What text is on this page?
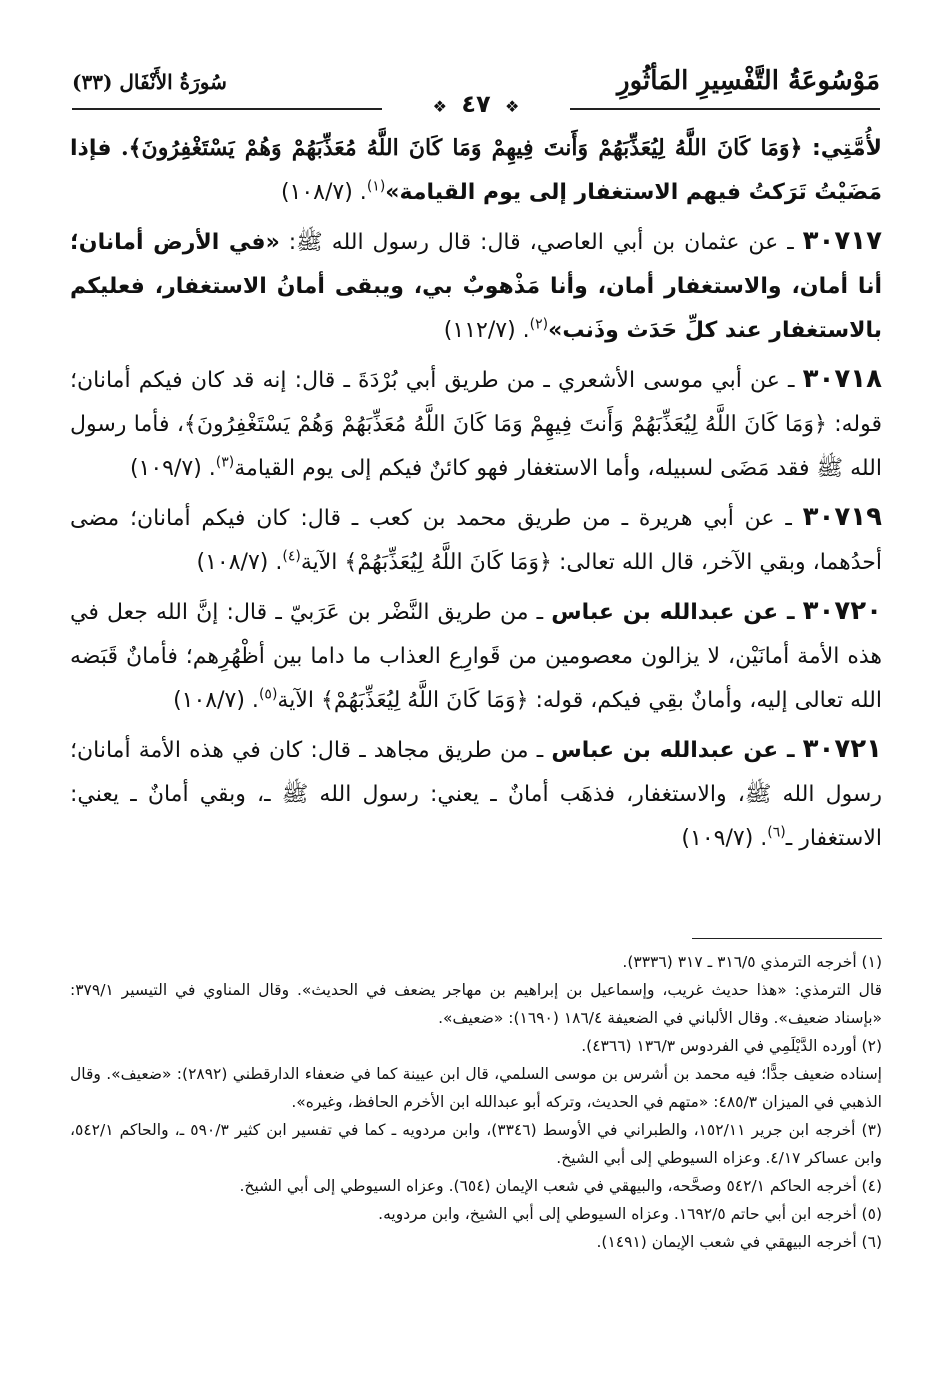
مَوْسُوعَةُ التَّفْسِيرِ المَأثُورِ
سُورَةُ الأَنْفَال (٣٣)
❖ ٤٧ ❖

لأُمَّتِي: ﴿وَمَا كَانَ اللَّهُ لِيُعَذِّبَهُمْ وَأَنتَ فِيهِمْ وَمَا كَانَ اللَّهُ مُعَذِّبَهُمْ وَهُمْ يَسْتَغْفِرُونَ﴾. فإذا مَضَيْتُ تَرَكتُ فيهم الاستغفار إلى يوم القيامة»$^{(١)}$. (١٠٨/٧)

٣٠٧١٧ ـ عن عثمان بن أبي العاصي، قال: قال رسول الله ﷺ: «في الأرض أمانان؛ أنا أمان، والاستغفار أمان، وأنا مَذْهوبٌ بي، ويبقى أمانُ الاستغفار، فعليكم بالاستغفار عند كلِّ حَدَث وذَنب»$^{(٢)}$. (١١٢/٧)

٣٠٧١٨ ـ عن أبي موسى الأشعري ـ من طريق أبي بُرْدَةَ ـ قال: إنه قد كان فيكم أمانان؛ قوله: ﴿وَمَا كَانَ اللَّهُ لِيُعَذِّبَهُمْ وَأَنتَ فِيهِمْ وَمَا كَانَ اللَّهُ مُعَذِّبَهُمْ وَهُمْ يَسْتَغْفِرُونَ﴾، فأما رسول الله ﷺ فقد مَضَى لسبيله، وأما الاستغفار فهو كائنٌ فيكم إلى يوم القيامة$^{(٣)}$. (١٠٩/٧)

٣٠٧١٩ ـ عن أبي هريرة ـ من طريق محمد بن كعب ـ قال: كان فيكم أمانان؛ مضى أحدُهما، وبقي الآخر، قال الله تعالى: ﴿وَمَا كَانَ اللَّهُ لِيُعَذِّبَهُمْ﴾ الآية$^{(٤)}$. (١٠٨/٧)

٣٠٧٢٠ ـ عن عبدالله بن عباس ـ من طريق النَّضْر بن عَرَبيّ ـ قال: إنَّ الله جعل في هذه الأمة أمانَيْن، لا يزالون معصومين من قَوارِع العذاب ما داما بين أظْهُرِهم؛ فأمانٌ قَبَضه الله تعالى إليه، وأمانٌ بقِي فيكم، قوله: ﴿وَمَا كَانَ اللَّهُ لِيُعَذِّبَهُمْ﴾ الآية$^{(٥)}$. (١٠٨/٧)

٣٠٧٢١ ـ عن عبدالله بن عباس ـ من طريق مجاهد ـ قال: كان في هذه الأمة أمانان؛ رسول الله ﷺ، والاستغفار، فذهَب أمانٌ ـ يعني: رسول الله ﷺ ـ، وبقي أمانٌ ـ يعني: الاستغفار ـ$^{(٦)}$. (١٠٩/٧)

(١) أخرجه الترمذي ٣١٦/٥ ـ ٣١٧ (٣٣٣٦).

قال الترمذي: «هذا حديث غريب، وإسماعيل بن إبراهيم بن مهاجر يضعف في الحديث». وقال المناوي في التيسير ٣٧٩/١: «بإسناد ضعيف». وقال الألباني في الضعيفة ١٨٦/٤ (١٦٩٠): «ضعيف».

(٢) أورده الدَّيْلَمِي في الفردوس ١٣٦/٣ (٤٣٦٦).

إسناده ضعيف جدًّا؛ فيه محمد بن أشرس بن موسى السلمي، قال ابن عيينة كما في ضعفاء الدارقطني (٢٨٩٢): «ضعيف». وقال الذهبي في الميزان ٤٨٥/٣: «متهم في الحديث، وتركه أبو عبدالله ابن الأخرم الحافظ، وغيره».

(٣) أخرجه ابن جرير ١٥٢/١١، والطبراني في الأوسط (٣٣٤٦)، وابن مردويه ـ كما في تفسير ابن كثير ٥٩٠/٣ ـ، والحاكم ٥٤٢/١، وابن عساكر ٤/١٧. وعزاه السيوطي إلى أبي الشيخ.

(٤) أخرجه الحاكم ٥٤٢/١ وصحَّحه، والبيهقي في شعب الإيمان (٦٥٤). وعزاه السيوطي إلى أبي الشيخ.

(٥) أخرجه ابن أبي حاتم ١٦٩٢/٥. وعزاه السيوطي إلى أبي الشيخ، وابن مردويه.

(٦) أخرجه البيهقي في شعب الإيمان (١٤٩١).
